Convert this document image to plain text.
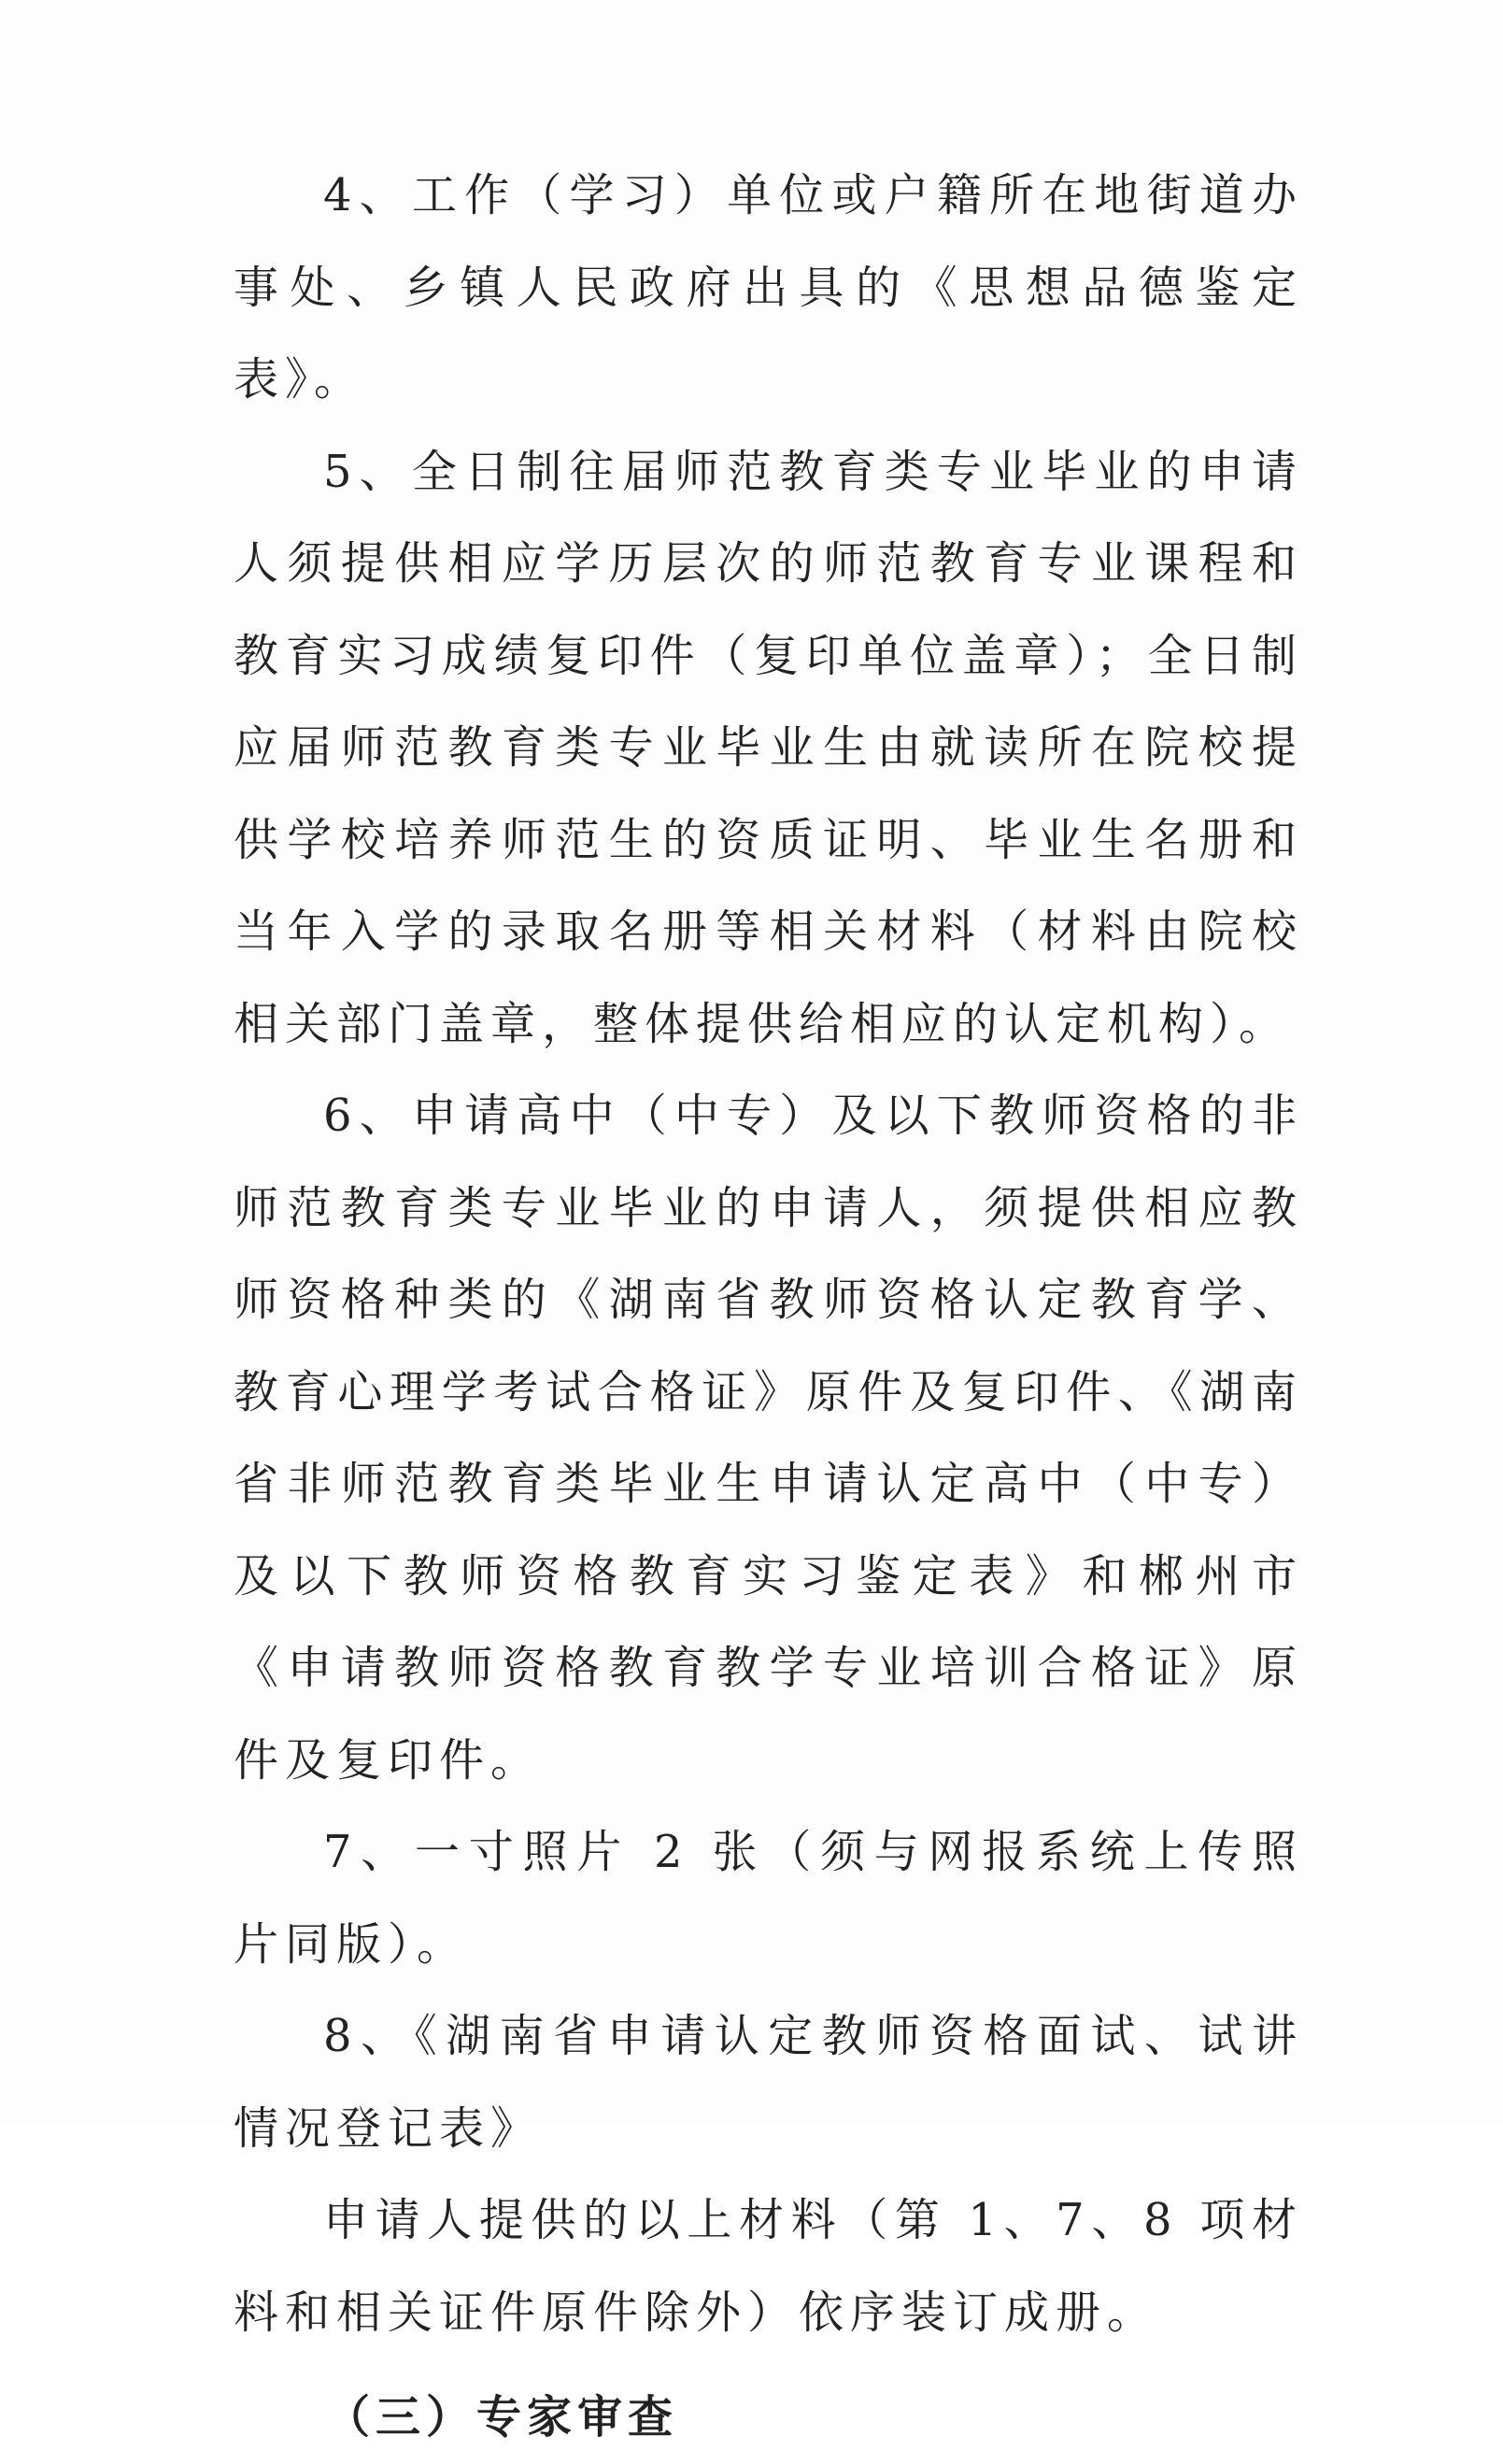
4、工作（学习）单位或户籍所在地街道办事处、乡镇人民政府出具的《思想品德鉴定表》。

5、全日制往届师范教育类专业毕业的申请人须提供相应学历层次的师范教育专业课程和教育实习成绩复印件（复印单位盖章）；全日制应届师范教育类专业毕业生由就读所在院校提供学校培养师范生的资质证明、毕业生名册和当年入学的录取名册等相关材料（材料由院校相关部门盖章，整体提供给相应的认定机构）。

6、申请高中（中专）及以下教师资格的非师范教育类专业毕业的申请人，须提供相应教师资格种类的《湖南省教师资格认定教育学、教育心理学考试合格证》原件及复印件、《湖南省非师范教育类毕业生申请认定高中（中专）及以下教师资格教育实习鉴定表》和郴州市《申请教师资格教育教学专业培训合格证》原件及复印件。

7、一寸照片 2 张（须与网报系统上传照片同版）。

8、《湖南省申请认定教师资格面试、试讲情况登记表》

申请人提供的以上材料（第 1、7、8 项材料和相关证件原件除外）依序装订成册。

（三）专家审查
